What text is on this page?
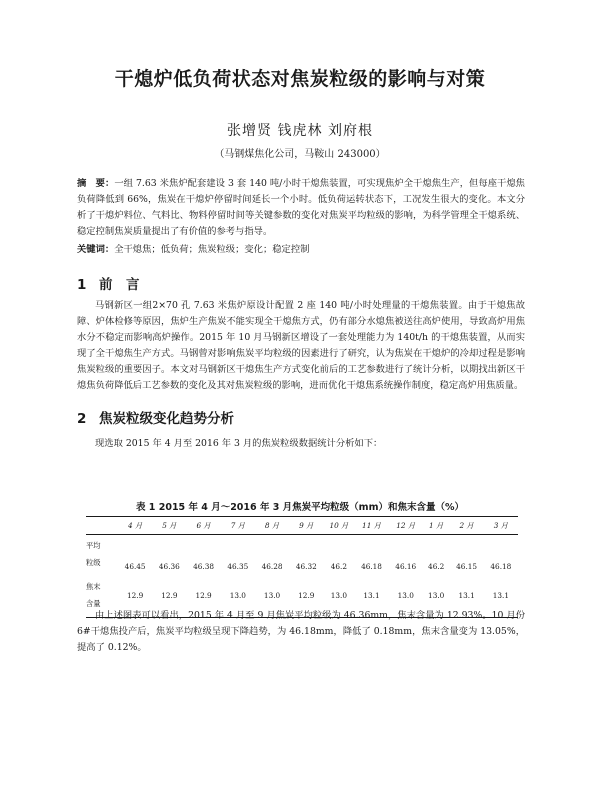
干熄炉低负荷状态对焦炭粒级的影响与对策
张增贤 钱虎林 刘府根
（马钢煤焦化公司，马鞍山 243000）
摘　要：一组 7.63 米焦炉配套建设 3 套 140 吨/小时干熄焦装置，可实现焦炉全干熄焦生产，但每座干熄焦负荷降低到 66%，焦炭在干熄炉停留时间延长一个小时。低负荷运转状态下，工况发生很大的变化。本文分析了干熄炉料位、气料比、物料停留时间等关键参数的变化对焦炭平均粒级的影响，为科学管理全干熄系统、稳定控制焦炭质量提出了有价值的参考与指导。
关键词：全干熄焦；低负荷；焦炭粒级；变化；稳定控制
1 前　言
马钢新区一组2×70 孔 7.63 米焦炉原设计配置 2 座 140 吨/小时处理量的干熄焦装置。由于干熄焦故障、炉体检修等原因，焦炉生产焦炭不能实现全干熄焦方式，仍有部分水熄焦被送往高炉使用，导致高炉用焦水分不稳定而影响高炉操作。2015 年 10 月马钢新区增设了一套处理能力为 140t/h 的干熄焦装置，从而实现了全干熄焦生产方式。马钢曾对影响焦炭平均粒级的因素进行了研究，认为焦炭在干熄炉的冷却过程是影响焦炭粒级的重要因子。本文对马钢新区干熄焦生产方式变化前后的工艺参数进行了统计分析，以期找出新区干熄焦负荷降低后工艺参数的变化及其对焦炭粒级的影响，进而优化干熄焦系统操作制度，稳定高炉用焦质量。
2 焦炭粒级变化趋势分析
现选取 2015 年 4 月至 2016 年 3 月的焦炭粒级数据统计分析如下：
表 1 2015 年 4 月～2016 年 3 月焦炭平均粒级（mm）和焦末含量（%）
	4 月	5 月	6 月	7 月	8 月	9 月	10 月	11 月	12 月	1 月	2 月	3 月
平均
粒级	46.45	46.36	46.38	46.35	46.28	46.32	46.2	46.18	46.16	46.2	46.15	46.18
焦末
含量	12.9	12.9	12.9	13.0	13.0	12.9	13.0	13.1	13.0	13.0	13.1	13.1
由上述图表可以看出，2015 年 4 月至 9 月焦炭平均粒级为 46.36mm，焦末含量为 12.93%。10 月份 6#干熄焦投产后，焦炭平均粒级呈现下降趋势，为 46.18mm，降低了 0.18mm，焦末含量变为 13.05%，提高了 0.12%。
